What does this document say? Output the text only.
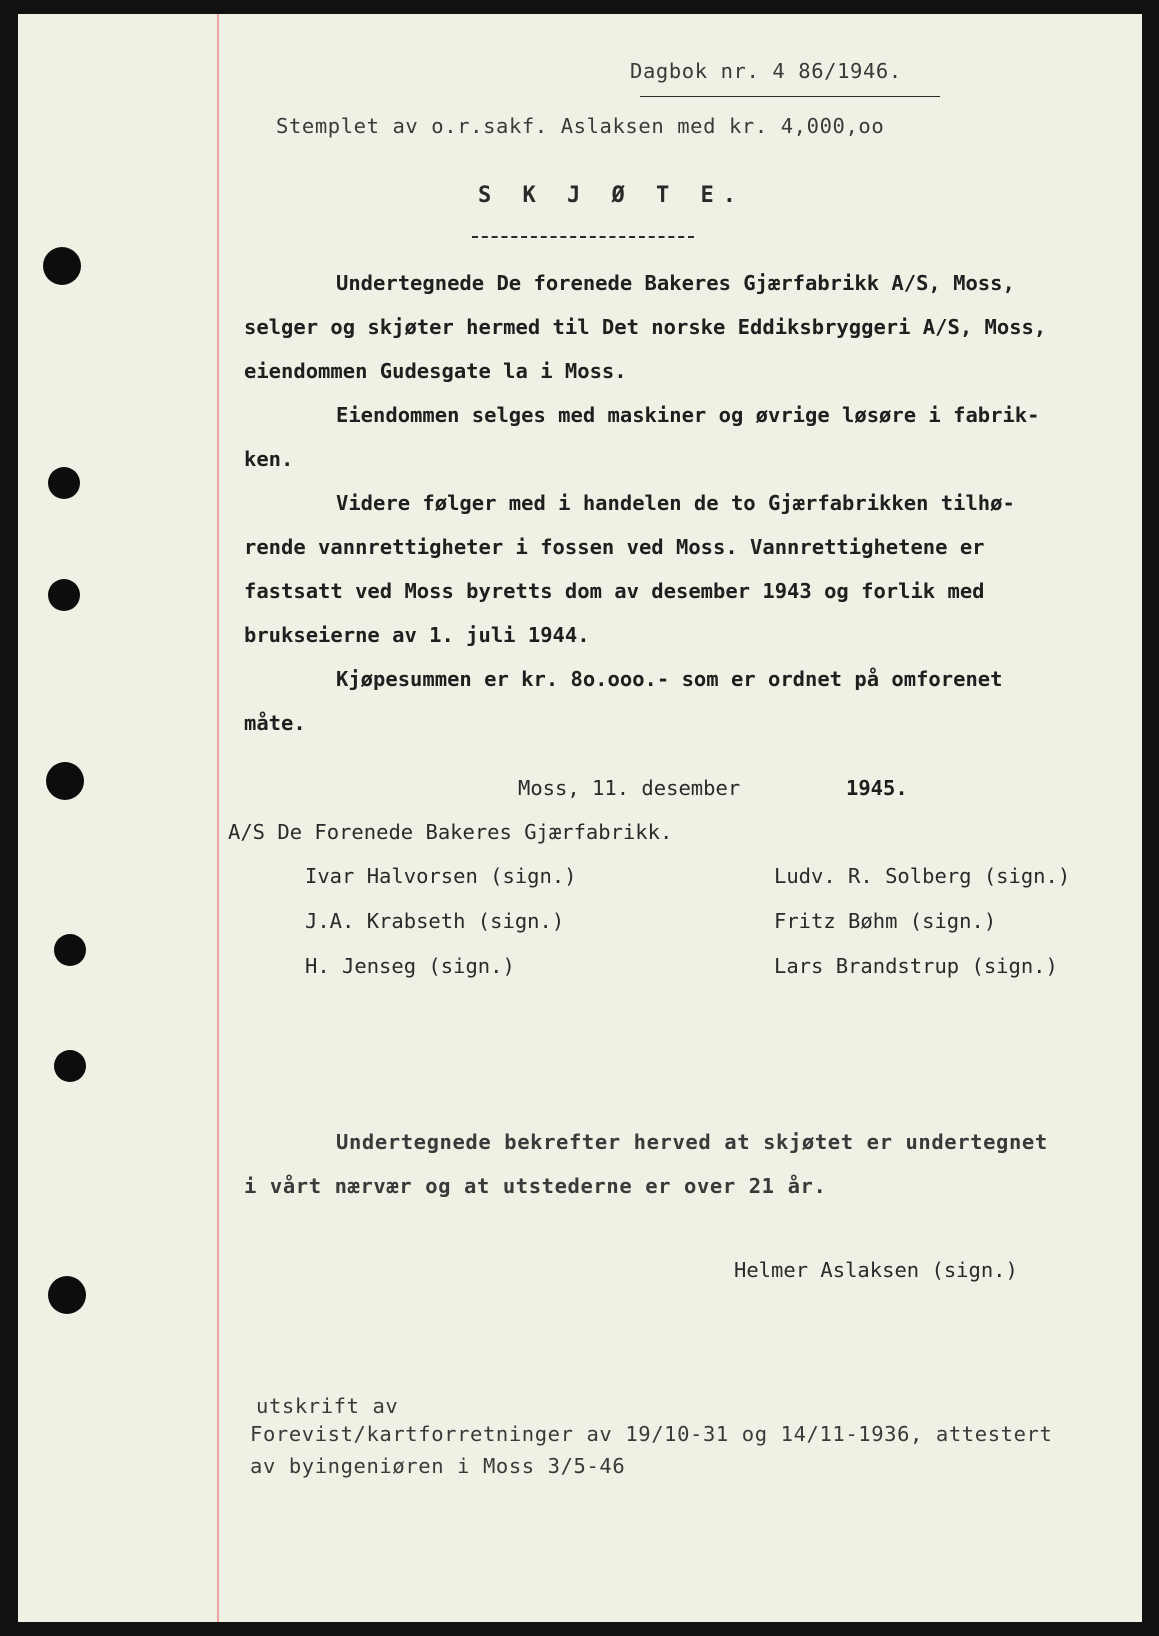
Dagbok nr. 4 86/1946.
Stemplet av o.r.sakf. Aslaksen med kr. 4,000,oo
S K J Ø T E.
Undertegnede De forenede Bakeres Gjærfabrikk A/S, Moss,
selger og skjøter hermed til Det norske Eddiksbryggeri A/S, Moss,
eiendommen Gudesgate la i Moss.
Eiendommen selges med maskiner og øvrige løsøre i fabrik-
ken.
Videre følger med i handelen de to Gjærfabrikken tilhø-
rende vannrettigheter i fossen ved Moss. Vannrettighetene er
fastsatt ved Moss byretts dom av desember 1943 og forlik med
brukseierne av 1. juli 1944.
Kjøpesummen er kr. 8o.ooo.- som er ordnet på omforenet
måte.
Moss, 11. desember	1945.
A/S De Forenede Bakeres Gjærfabrikk.
Ivar Halvorsen (sign.)
J.A. Krabseth (sign.)
H. Jenseg (sign.)
Ludv. R. Solberg (sign.)
Fritz Bøhm (sign.)
Lars Brandstrup (sign.)
Undertegnede bekrefter herved at skjøtet er undertegnet
i vårt nærvær og at utstederne er over 21 år.
Helmer Aslaksen (sign.)
utskrift av
Forevist/kartforretninger av 19/10-31 og 14/11-1936, attestert
av byingeniøren i Moss 3/5-46
